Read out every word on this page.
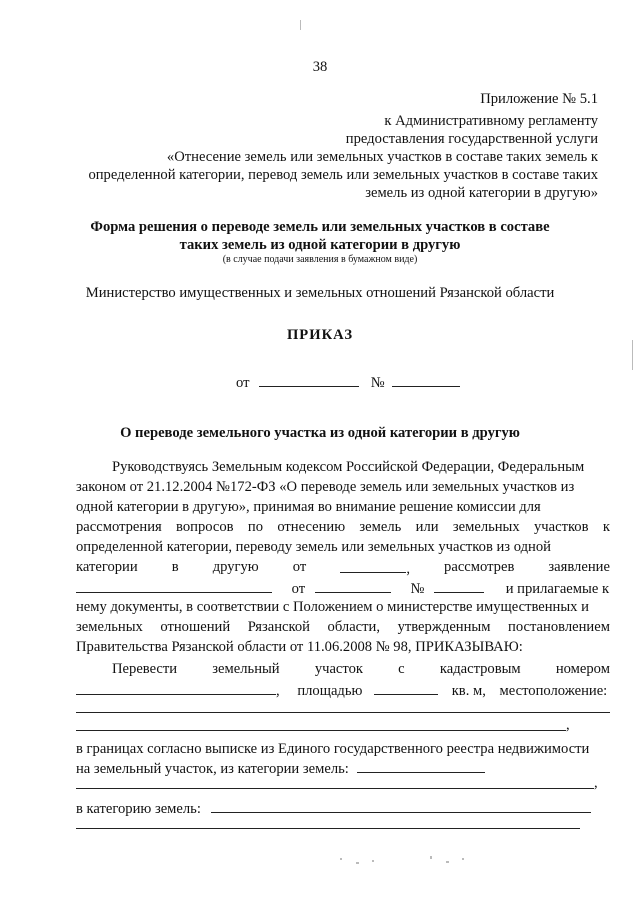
38
Приложение № 5.1
к Административному регламенту
предоставления государственной услуги
«Отнесение земель или земельных участков в составе таких земель к
определенной категории, перевод земель или земельных участков в составе таких
земель из одной категории в другую»
Форма решения о переводе земель или земельных участков в составе
таких земель из одной категории в другую
(в случае подачи заявления в бумажном виде)
Министерство имущественных и земельных отношений Рязанской области
ПРИКАЗ
от	№
О переводе земельного участка из одной категории в другую
Руководствуясь Земельным кодексом Российской Федерации, Федеральным
законом от 21.12.2004 №172-ФЗ «О переводе земель или земельных участков из
одной категории в другую», принимая во внимание решение комиссии для
рассмотрения вопросов по отнесению земель или земельных участков к
определенной категории, переводу земель или земельных участков из одной
категории в другую от	, рассмотрев заявление
от	№	и прилагаемые к
нему документы, в соответствии с Положением о министерстве имущественных и
земельных отношений Рязанской области, утвержденным постановлением
Правительства Рязанской области от 11.06.2008 № 98, ПРИКАЗЫВАЮ:
Перевести земельный участок с кадастровым номером
, площадью	кв. м, местоположение:
,
в границах согласно выписке из Единого государственного реестра недвижимости
на земельный участок, из категории земель:
,
в категорию земель:
